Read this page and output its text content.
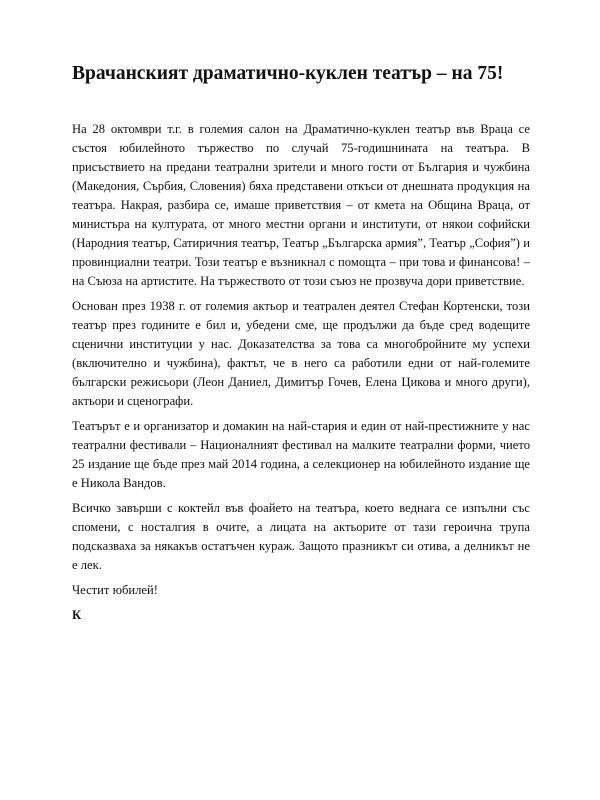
Врачанският драматично-куклен театър – на 75!

На 28 октомври т.г. в големия салон на Драматично-куклен театър във Враца се състоя юбилейното тържество по случай 75-годишнината на театъра. В присъствието на предани театрални зрители и много гости от България и чужбина (Македония, Сърбия, Словения) бяха представени откъси от днешната продукция на театъра. Накрая, разбира се, имаше приветствия – от кмета на Община Враца, от министъра на културата, от много местни органи и институти, от някои софийски (Народния театър, Сатиричния театър, Театър „Българска армия”, Театър „София”) и провинциални театри. Този театър е възникнал с помощта – при това и финансова! – на Съюза на артистите. На тържеството от този съюз не прозвуча дори приветствие.

Основан през 1938 г. от големия актьор и театрален деятел Стефан Кортенски, този театър през годините е бил и, убедени сме, ще продължи да бъде сред водещите сценични институции у нас. Доказателства за това са многобройните му успехи (включително и чужбина), фактът, че в него са работили едни от най-големите български режисьори (Леон Даниел, Димитър Гочев, Елена Цикова и много други), актьори и сценографи.

Театърът е и организатор и домакин на най-стария и един от най-престижните у нас театрални фестивали – Националният фестивал на малките театрални форми, чието 25 издание ще бъде през май 2014 година, а селекционер на юбилейното издание ще е Никола Вандов.

Всичко завърши с коктейл във фоайето на театъра, което веднага се изпълни със спомени, с носталгия в очите, а лицата на актьорите от тази героична трупа подсказваха за някакъв остатъчен кураж. Защото празникът си отива, а делникът не е лек.

Честит юбилей!

К
